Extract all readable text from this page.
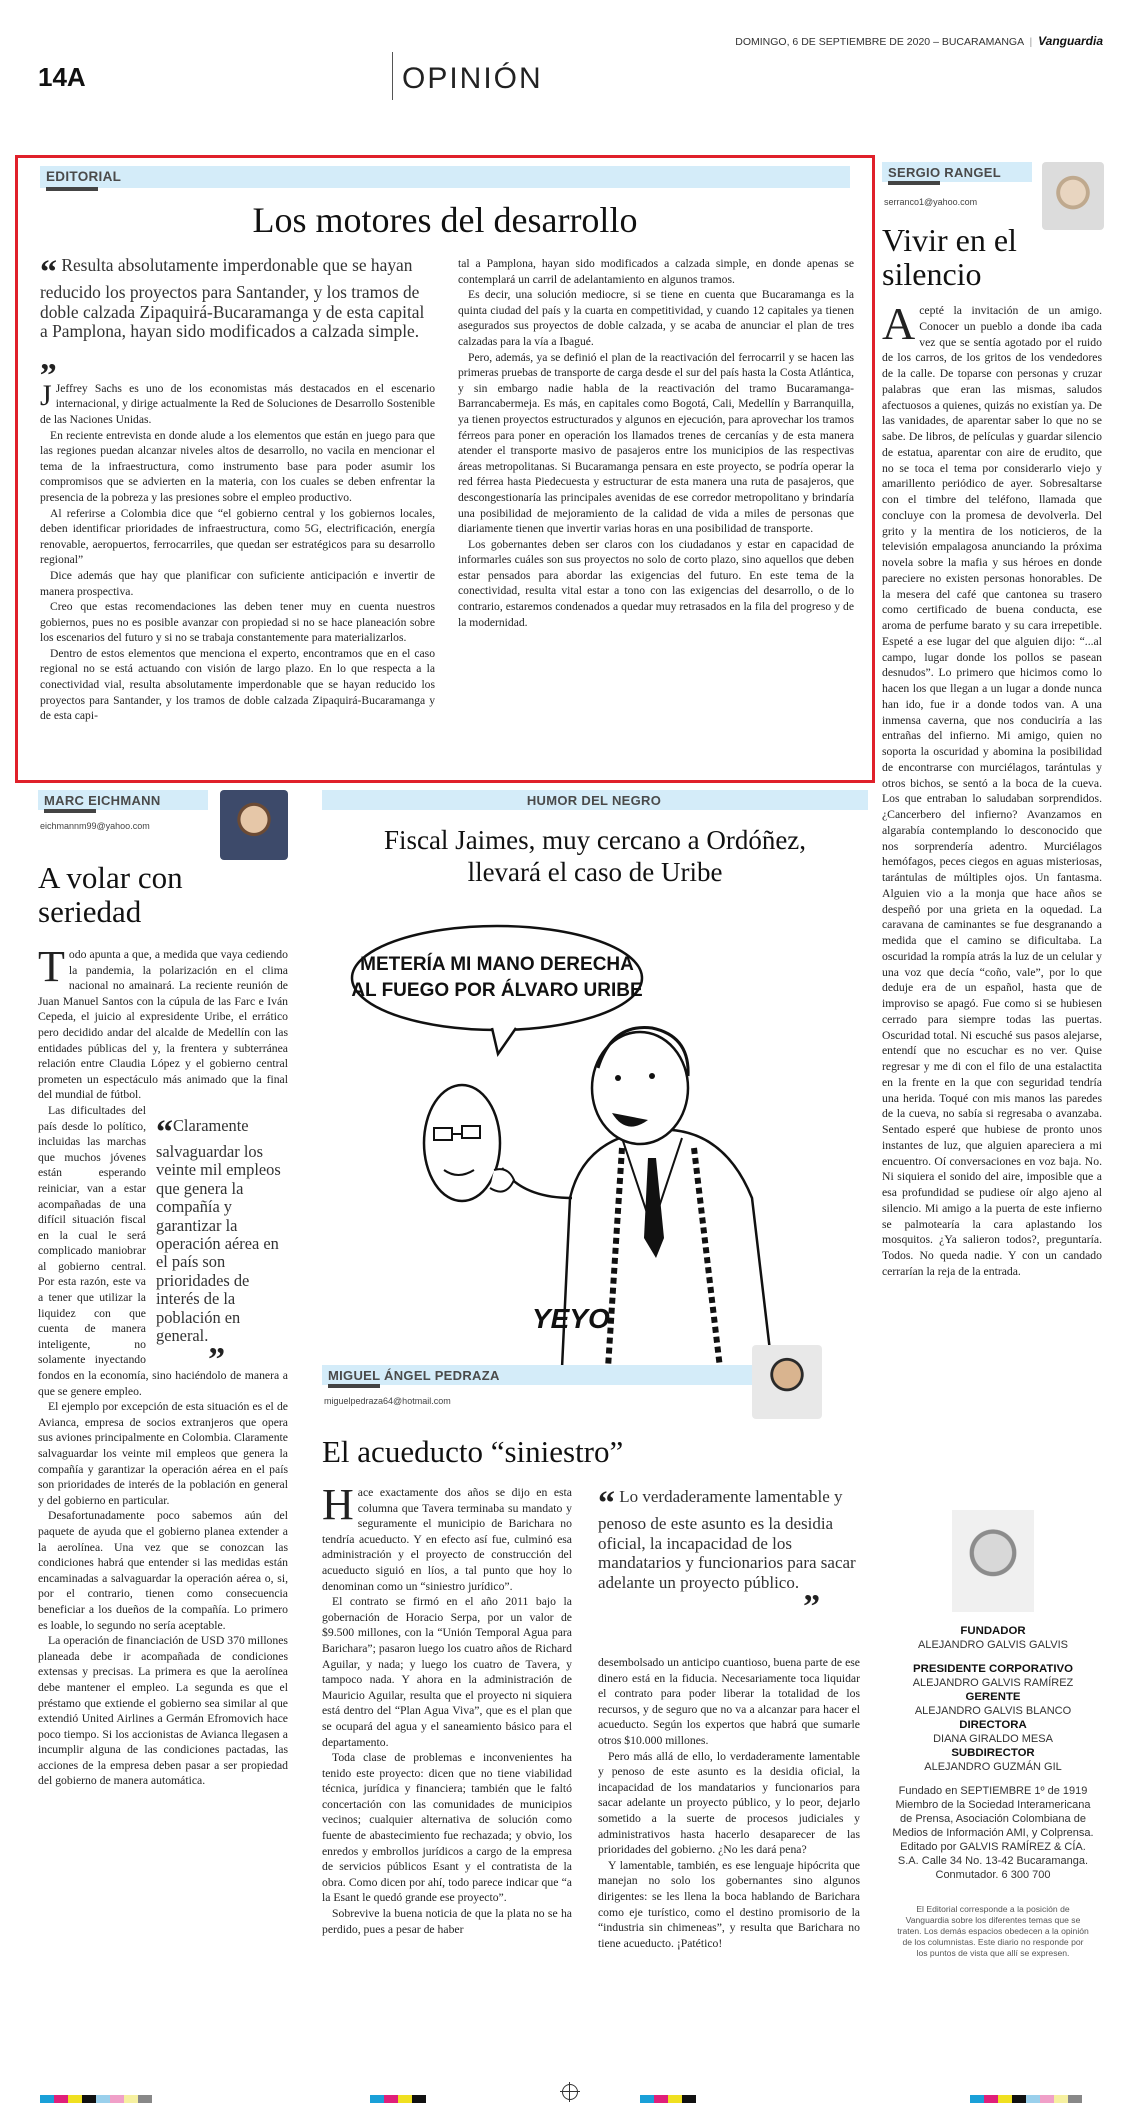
14A	OPINIÓN
DOMINGO, 6 DE SEPTIEMBRE DE 2020 – BUCARAMANGA | Vanguardia
EDITORIAL
Los motores del desarrollo
“ Resulta absolutamente imperdonable que se hayan reducido los proyectos para Santander, y los tramos de doble calzada Zipaquirá-Bucaramanga y de esta capital a Pamplona, hayan sido modificados a calzada simple. „

J Jeffrey Sachs es uno de los economistas más destacados en el escenario internacional, y dirige actualmente la Red de Soluciones de Desarrollo Sostenible de las Naciones Unidas.

En reciente entrevista en donde alude a los elementos que están en juego para que las regiones puedan alcanzar niveles altos de desarrollo, no vacila en mencionar el tema de la infraestructura, como instrumento base para poder asumir los compromisos que se advierten en la materia, con los cuales se deben enfrentar la presencia de la pobreza y las presiones sobre el empleo productivo.

Al referirse a Colombia dice que “el gobierno central y los gobiernos locales, deben identificar prioridades de infraestructura, como 5G, electrificación, energía renovable, aeropuertos, ferrocarriles, que quedan ser estratégicos para su desarrollo regional”

Dice además que hay que planificar con suficiente anticipación e invertir de manera prospectiva.

Creo que estas recomendaciones las deben tener muy en cuenta nuestros gobiernos, pues no es posible avanzar con propiedad si no se hace planeación sobre los escenarios del futuro y si no se trabaja constantemente para materializarlos.

Dentro de estos elementos que menciona el experto, encontramos que en el caso regional no se está actuando con visión de largo plazo. En lo que respecta a la conectividad vial, resulta absolutamente imperdonable que se hayan reducido los proyectos para Santander, y los tramos de doble calzada Zipaquirá-Bucaramanga y de esta capi-

tal a Pamplona, hayan sido modificados a calzada simple, en donde apenas se contemplará un carril de adelantamiento en algunos tramos.

Es decir, una solución mediocre, si se tiene en cuenta que Bucaramanga es la quinta ciudad del país y la cuarta en competitividad, y cuando 12 capitales ya tienen asegurados sus proyectos de doble calzada, y se acaba de anunciar el plan de tres calzadas para la vía a Ibagué.

Pero, además, ya se definió el plan de la reactivación del ferrocarril y se hacen las primeras pruebas de transporte de carga desde el sur del país hasta la Costa Atlántica, y sin embargo nadie habla de la reactivación del tramo Bucaramanga-Barrancabermeja. Es más, en capitales como Bogotá, Cali, Medellín y Barranquilla, ya tienen proyectos estructurados y algunos en ejecución, para aprovechar los tramos férreos para poner en operación los llamados trenes de cercanías y de esta manera atender el transporte masivo de pasajeros entre los municipios de las respectivas áreas metropolitanas. Si Bucaramanga pensara en este proyecto, se podría operar la red férrea hasta Piedecuesta y estructurar de esta manera una ruta de pasajeros, que descongestionaría las principales avenidas de ese corredor metropolitano y brindaría una posibilidad de mejoramiento de la calidad de vida a miles de personas que diariamente tienen que invertir varias horas en una posibilidad de transporte.

Los gobernantes deben ser claros con los ciudadanos y estar en capacidad de informarles cuáles son sus proyectos no solo de corto plazo, sino aquellos que deben estar pensados para abordar las exigencias del futuro. En este tema de la conectividad, resulta vital estar a tono con las exigencias del desarrollo, o de lo contrario, estaremos condenados a quedar muy retrasados en la fila del progreso y de la modernidad.

SERGIO RANGEL
serranco1@yahoo.com
Vivir en el silencio
Acepté la invitación de un amigo. Conocer un pueblo a donde iba cada vez que se sentía agotado por el ruido de los carros, de los gritos de los vendedores de la calle. De toparse con personas y cruzar palabras que eran las mismas, saludos afectuosos a quienes, quizás no existían ya. De las vanidades, de aparentar saber lo que no se sabe. De libros, de películas y guardar silencio de estatua, aparentar con aire de erudito, que no se toca el tema por considerarlo viejo y amarillento periódico de ayer. Sobresaltarse con el timbre del teléfono, llamada que concluye con la promesa de devolverla. Del grito y la mentira de los noticieros, de la televisión empalagosa anunciando la próxima novela sobre la mafia y sus héroes en donde pareciere no existen personas honorables. De la mesera del café que cantonea su trasero como certificado de buena conducta, ese aroma de perfume barato y su cara irrepetible. Espeté a ese lugar del que alguien dijo: “...al campo, lugar donde los pollos se pasean desnudos”. Lo primero que hicimos como lo hacen los que llegan a un lugar a donde nunca han ido, fue ir a donde todos van. A una inmensa caverna, que nos conduciría a las entrañas del infierno. Mi amigo, quien no soporta la oscuridad y abomina la posibilidad de encontrarse con murciélagos, tarántulas y otros bichos, se sentó a la boca de la cueva. Los que entraban lo saludaban sorprendidos. ¿Cancerbero del infierno? Avanzamos en algarabía contemplando lo desconocido que nos sorprendería adentro. Murciélagos hemófagos, peces ciegos en aguas misteriosas, tarántulas de múltiples ojos. Un fantasma. Alguien vio a la monja que hace años se despeñó por una grieta en la oquedad. La caravana de caminantes se fue desgranando a medida que el camino se dificultaba. La oscuridad la rompía atrás la luz de un celular y una voz que decía “coño, vale”, por lo que deduje era de un español, hasta que de improviso se apagó. Fue como si se hubiesen cerrado para siempre todas las puertas. Oscuridad total. Ni escuché sus pasos alejarse, entendí que no escuchar es no ver. Quise regresar y me di con el filo de una estalactita en la frente en la que con seguridad tendría una herida. Toqué con mis manos las paredes de la cueva, no sabía si regresaba o avanzaba. Sentado esperé que hubiese de pronto unos instantes de luz, que alguien apareciera a mi encuentro. Oí conversaciones en voz baja. No. Ni siquiera el sonido del aire, imposible que a esa profundidad se pudiese oír algo ajeno al silencio. Mi amigo a la puerta de este infierno se palmotearía la cara aplastando los mosquitos. ¿Ya salieron todos?, preguntaría. Todos. No queda nadie. Y con un candado cerrarían la reja de la entrada.
MARC EICHMANN
eichmannm99@yahoo.com
A volar con seriedad
Todo apunta a que, a medida que vaya cediendo la pandemia, la polarización en el clima nacional no amainará. La reciente reunión de Juan Manuel Santos con la cúpula de las Farc e Iván Cepeda, el juicio al expresidente Uribe, el errático pero decidido andar del alcalde de Medellín con las entidades públicas del y, la frentera y subterránea relación entre Claudia López y el gobierno central prometen un espectáculo más animado que la final del mundial de fútbol.
“Claramente salvaguardar los veinte mil empleos que genera la compañía y garantizar la operación aérea en el país son prioridades de interés de la población en general.„

Las dificultades del país desde lo político, incluidas las marchas que muchos jóvenes están esperando reiniciar, van a estar acompañadas de una difícil situación fiscal en la cual le será complicado maniobrar al gobierno central. Por esta razón, este va a tener que utilizar la liquidez con que cuenta de manera inteligente, no solamente inyectando fondos en la economía, sino haciéndolo de manera a que se genere empleo.

El ejemplo por excepción de esta situación es el de Avianca, empresa de socios extranjeros que opera sus aviones principalmente en Colombia. Claramente salvaguardar los veinte mil empleos que genera la compañía y garantizar la operación aérea en el país son prioridades de interés de la población en general y del gobierno en particular.

Desafortunadamente poco sabemos aún del paquete de ayuda que el gobierno planea extender a la aerolínea. Una vez que se conozcan las condiciones habrá que entender si las medidas están encaminadas a salvaguardar la operación aérea o, si, por el contrario, tienen como consecuencia beneficiar a los dueños de la compañía. Lo primero es loable, lo segundo no sería aceptable.

La operación de financiación de USD 370 millones planeada debe ir acompañada de condiciones extensas y precisas. La primera es que la aerolínea debe mantener el empleo. La segunda es que el préstamo que extiende el gobierno sea similar al que extendió United Airlines a Germán Efromovich hace poco tiempo. Si los accionistas de Avianca llegasen a incumplir alguna de las condiciones pactadas, las acciones de la empresa deben pasar a ser propiedad del gobierno de manera automática.

HUMOR DEL NEGRO
Fiscal Jaimes, muy cercano a Ordóñez, llevará el caso de Uribe
METERÍA MI MANO DERECHA
AL FUEGO POR ÁLVARO URIBE
YEYO
MIGUEL ÁNGEL PEDRAZA
miguelpedraza64@hotmail.com
El acueducto “siniestro”

Hace exactamente dos años se dijo en esta columna que Tavera terminaba su mandato y seguramente el municipio de Barichara no tendría acueducto. Y en efecto así fue, culminó esa administración y el proyecto de construcción del acueducto siguió en líos, a tal punto que hoy lo denominan como un “siniestro jurídico”.

El contrato se firmó en el año 2011 bajo la gobernación de Horacio Serpa, por un valor de $9.500 millones, con la “Unión Temporal Agua para Barichara”; pasaron luego los cuatro años de Richard Aguilar, y nada; y luego los cuatro de Tavera, y tampoco nada. Y ahora en la administración de Mauricio Aguilar, resulta que el proyecto ni siquiera está dentro del “Plan Agua Viva”, que es el plan que se ocupará del agua y el saneamiento básico para el departamento.

Toda clase de problemas e inconvenientes ha tenido este proyecto: dicen que no tiene viabilidad técnica, jurídica y financiera; también que le faltó concertación con las comunidades de municipios vecinos; cualquier alternativa de solución como fuente de abastecimiento fue rechazada; y obvio, los enredos y embrollos jurídicos a cargo de la empresa de servicios públicos Esant y el contratista de la obra. Como dicen por ahí, todo parece indicar que “a la Esant le quedó grande ese proyecto”.

Sobrevive la buena noticia de que la plata no se ha perdido, pues a pesar de haber

“ Lo verdaderamente lamentable y penoso de este asunto es la desidia oficial, la incapacidad de los mandatarios y funcionarios para sacar adelante un proyecto público. „

desembolsado un anticipo cuantioso, buena parte de ese dinero está en la fiducia. Necesariamente toca liquidar el contrato para poder liberar la totalidad de los recursos, y de seguro que no va a alcanzar para hacer el acueducto. Según los expertos que habrá que sumarle otros $10.000 millones.

Pero más allá de ello, lo verdaderamente lamentable y penoso de este asunto es la desidia oficial, la incapacidad de los mandatarios y funcionarios para sacar adelante un proyecto público, y lo peor, dejarlo sometido a la suerte de procesos judiciales y administrativos hasta hacerlo desaparecer de las prioridades del gobierno. ¿No les dará pena?

Y lamentable, también, es ese lenguaje hipócrita que manejan no solo los gobernantes sino algunos dirigentes: se les llena la boca hablando de Barichara como eje turístico, como el destino promisorio de la “industria sin chimeneas”, y resulta que Barichara no tiene acueducto. ¡Patético!

FUNDADOR
ALEJANDRO GALVIS GALVIS
PRESIDENTE CORPORATIVO
ALEJANDRO GALVIS RAMÍREZ
GERENTE
ALEJANDRO GALVIS BLANCO
DIRECTORA
DIANA GIRALDO MESA
SUBDIRECTOR
ALEJANDRO GUZMÁN GIL
Fundado en SEPTIEMBRE 1º de 1919 Miembro de la Sociedad Interamericana de Prensa, Asociación Colombiana de Medios de Información AMI, y Colprensa. Editado por GALVIS RAMÍREZ & CÍA. S.A. Calle 34 No. 13-42 Bucaramanga. Conmutador. 6 300 700
El Editorial corresponde a la posición de Vanguardia sobre los diferentes temas que se traten. Los demás espacios obedecen a la opinión de los columnistas. Este diario no responde por los puntos de vista que allí se expresen.
